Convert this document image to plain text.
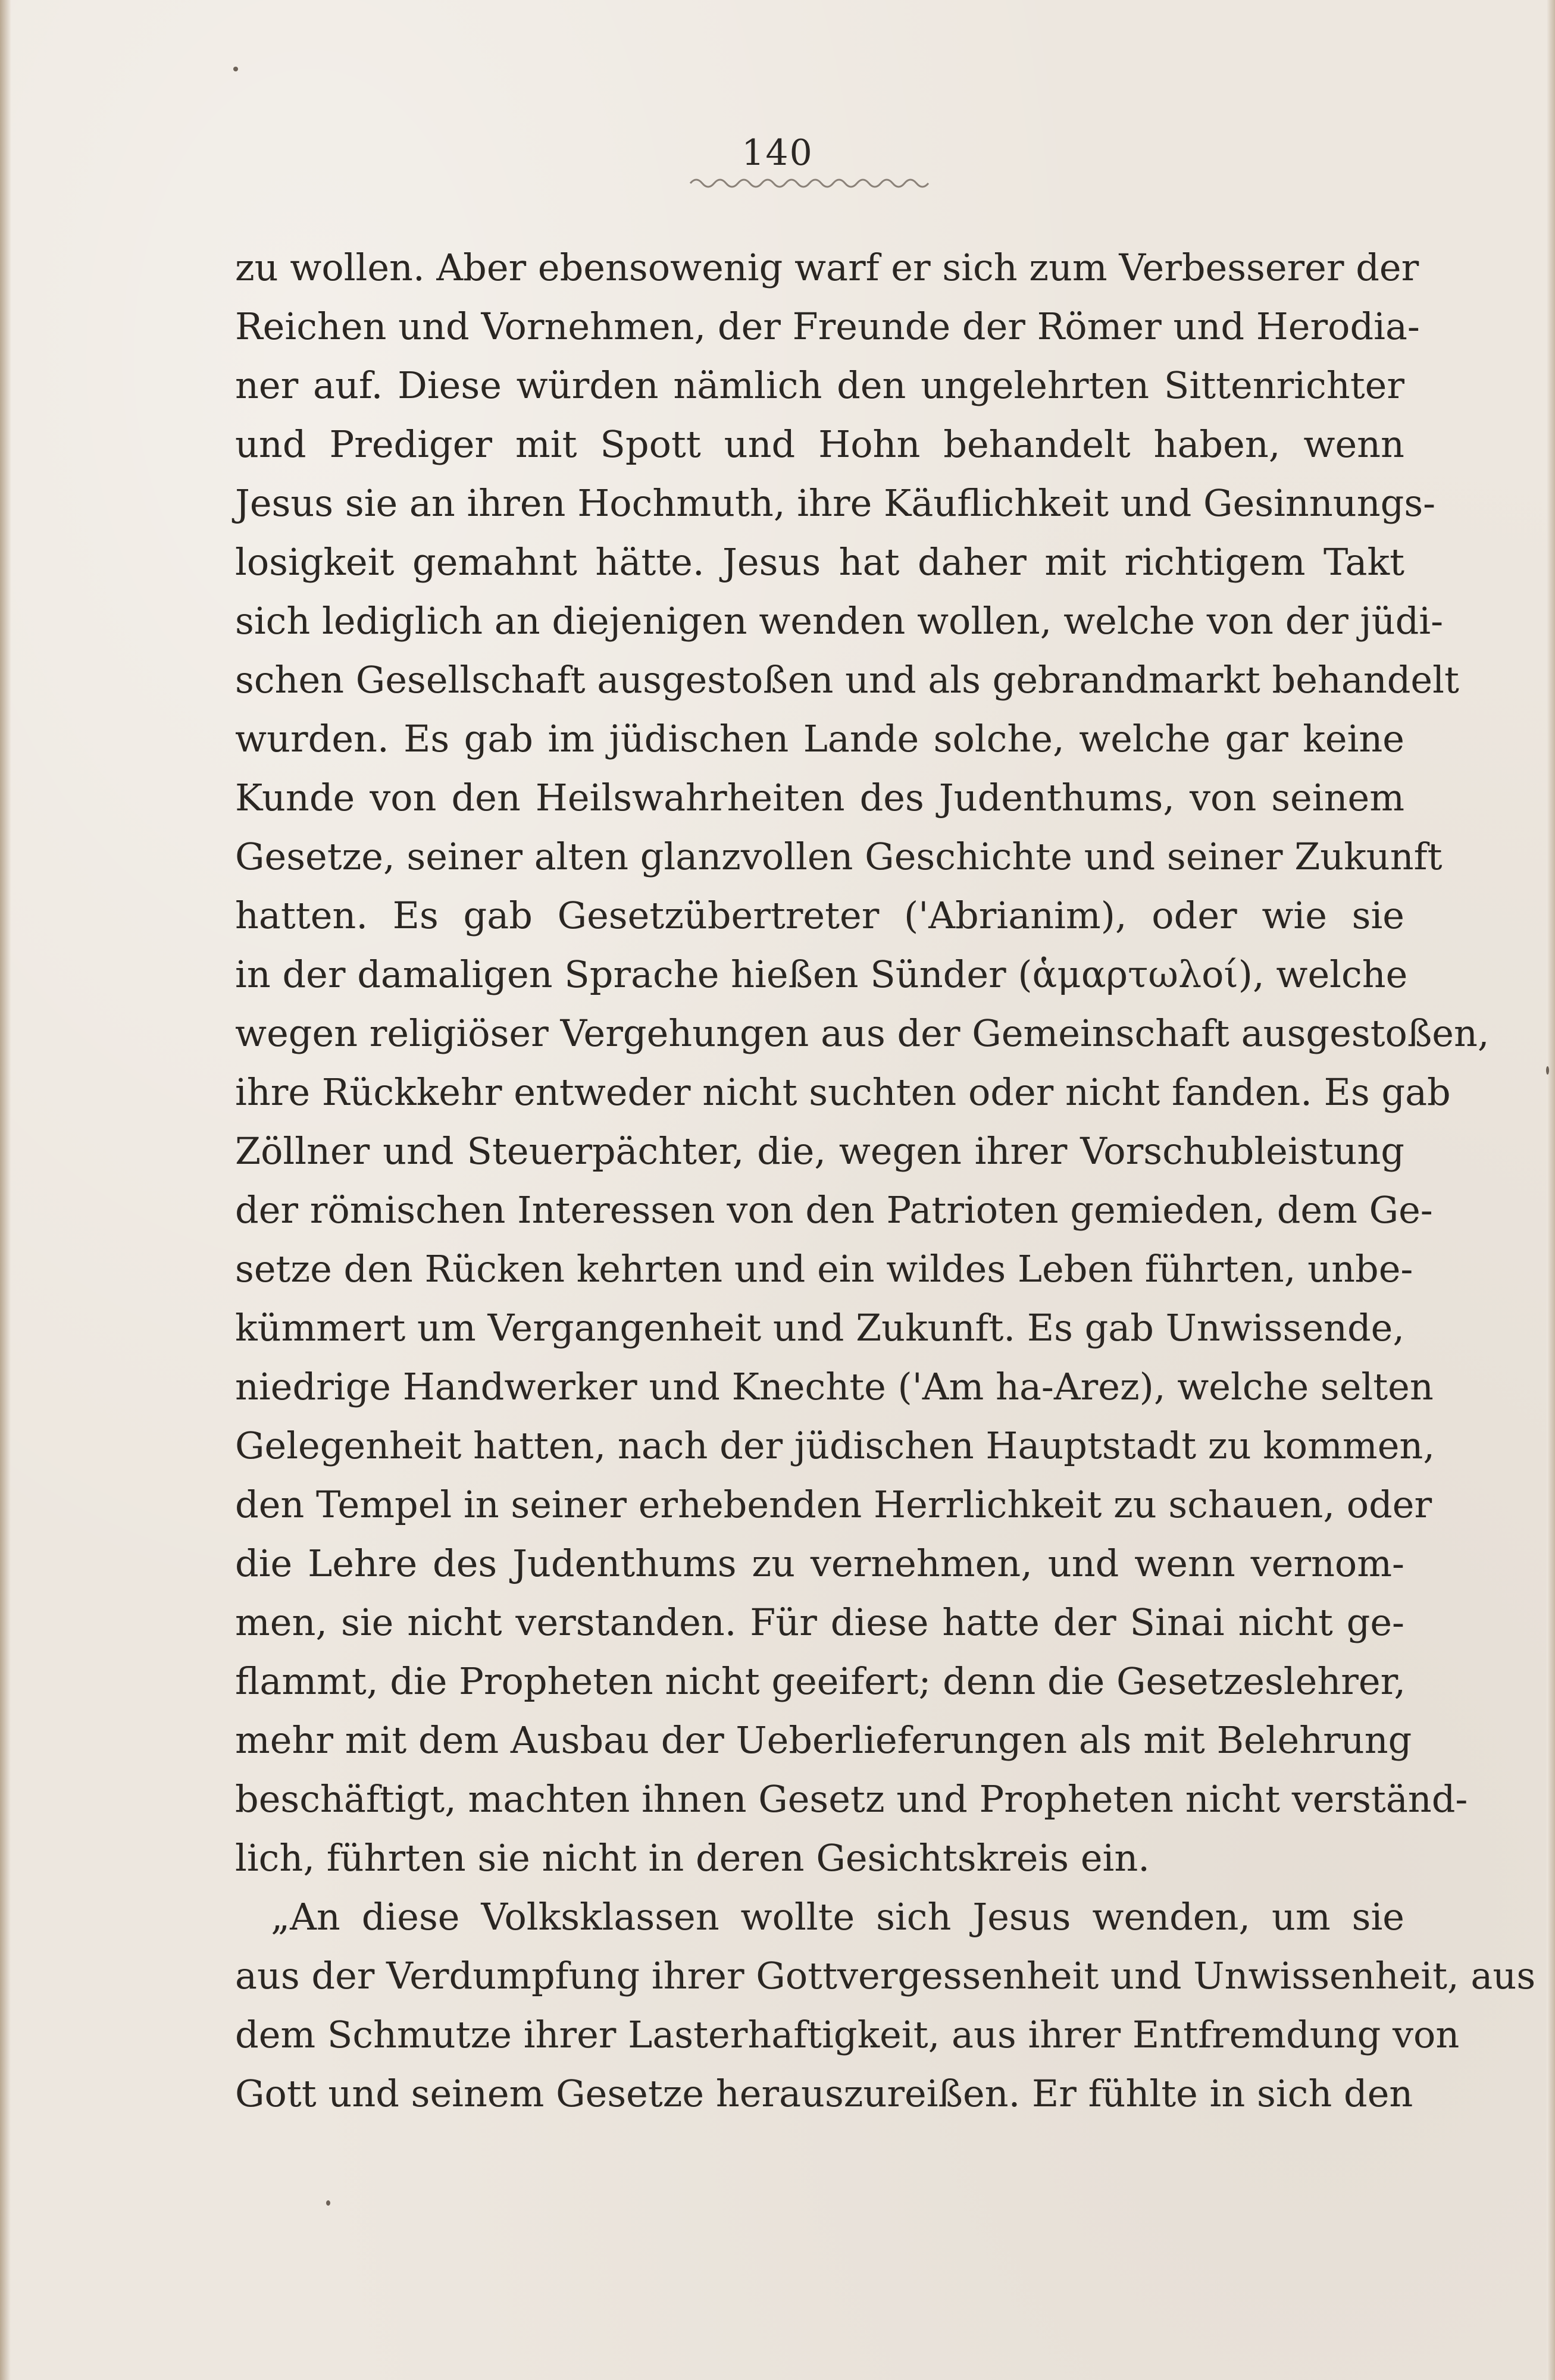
140
zu wollen. Aber ebensowenig warf er sich zum Verbesserer der
Reichen und Vornehmen, der Freunde der Römer und Herodia-
ner auf. Diese würden nämlich den ungelehrten Sittenrichter
und Prediger mit Spott und Hohn behandelt haben, wenn
Jesus sie an ihren Hochmuth, ihre Käuflichkeit und Gesinnungs-
losigkeit gemahnt hätte. Jesus hat daher mit richtigem Takt
sich lediglich an diejenigen wenden wollen, welche von der jüdi-
schen Gesellschaft ausgestoßen und als gebrandmarkt behandelt
wurden. Es gab im jüdischen Lande solche, welche gar keine
Kunde von den Heilswahrheiten des Judenthums, von seinem
Gesetze, seiner alten glanzvollen Geschichte und seiner Zukunft
hatten. Es gab Gesetzübertreter ('Abrianim), oder wie sie
in der damaligen Sprache hießen Sünder (ἁμαρτωλοί), welche
wegen religiöser Vergehungen aus der Gemeinschaft ausgestoßen,
ihre Rückkehr entweder nicht suchten oder nicht fanden. Es gab
Zöllner und Steuerpächter, die, wegen ihrer Vorschubleistung
der römischen Interessen von den Patrioten gemieden, dem Ge-
setze den Rücken kehrten und ein wildes Leben führten, unbe-
kümmert um Vergangenheit und Zukunft. Es gab Unwissende,
niedrige Handwerker und Knechte ('Am ha-Arez), welche selten
Gelegenheit hatten, nach der jüdischen Hauptstadt zu kommen,
den Tempel in seiner erhebenden Herrlichkeit zu schauen, oder
die Lehre des Judenthums zu vernehmen, und wenn vernom-
men, sie nicht verstanden. Für diese hatte der Sinai nicht ge-
flammt, die Propheten nicht geeifert; denn die Gesetzeslehrer,
mehr mit dem Ausbau der Ueberlieferungen als mit Belehrung
beschäftigt, machten ihnen Gesetz und Propheten nicht verständ-
lich, führten sie nicht in deren Gesichtskreis ein.
„An diese Volksklassen wollte sich Jesus wenden, um sie
aus der Verdumpfung ihrer Gottvergessenheit und Unwissenheit, aus
dem Schmutze ihrer Lasterhaftigkeit, aus ihrer Entfremdung von
Gott und seinem Gesetze herauszureißen. Er fühlte in sich den
